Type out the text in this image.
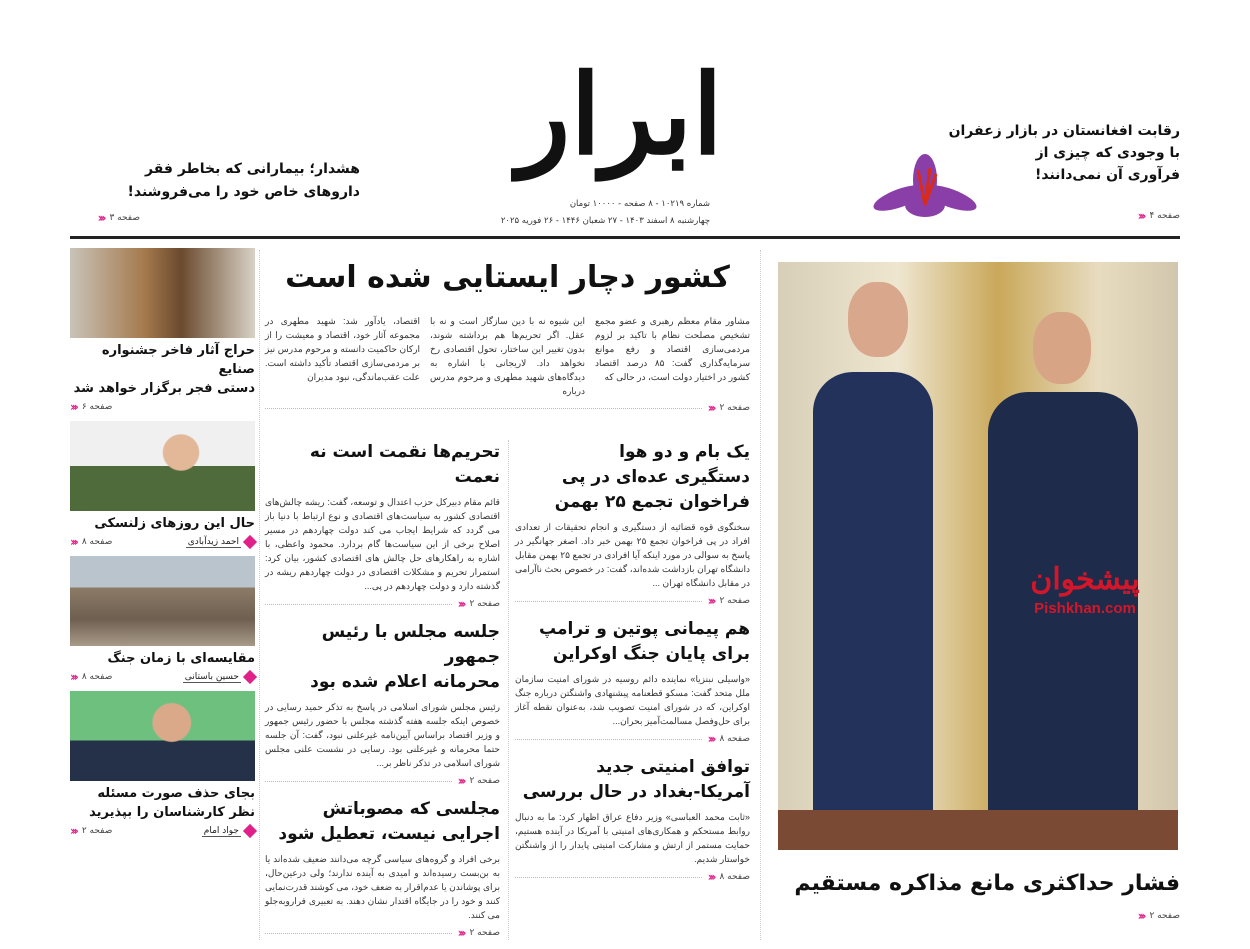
ابرار
شماره ۱۰۲۱۹ - ۸ صفحه - ۱۰۰۰۰ تومان
چهارشنبه ۸ اسفند ۱۴۰۳ - ۲۷ شعبان ۱۴۴۶ - ۲۶ فوریه ۲۰۲۵
رقابت افغانستان در بازار زعفران
با وجودی که چیزی از
فرآوری آن نمی‌دانند!
صفحه ۴
‹‹‹
هشدار؛ بیمارانی که بخاطر فقر
داروهای خاص خود را می‌فروشند!
صفحه ۳
‹‹‹
کشور دچار ایستایی شده است
مشاور مقام معظم رهبری و عضو مجمع تشخیص مصلحت نظام با تاکید بر لزوم مردمی‌سازی اقتصاد و رفع موانع سرمایه‌گذاری گفت: ۸۵ درصد اقتصاد کشور در اختیار دولت است، در حالی که
این شیوه نه با دین سازگار است و نه با عقل. اگر تحریم‌ها هم برداشته شوند، بدون تغییر این ساختار، تحول اقتصادی رخ نخواهد داد. لاریجانی با اشاره به دیدگاه‌های شهید مطهری و مرحوم مدرس درباره
اقتصاد، یادآور شد: شهید مطهری در مجموعه آثار خود، اقتصاد و معیشت را از ارکان حاکمیت دانسته و مرحوم مدرس نیز بر مردمی‌سازی اقتصاد تأکید داشته است. علت عقب‌ماندگی، نبود مدیران
صفحه ۲
‹‹‹
یک بام و دو هوا
دستگیری عده‌ای در پی
فراخوان تجمع ۲۵ بهمن
سخنگوی قوه قضائیه از دستگیری و انجام تحقیقات از تعدادی افراد در پی فراخوان تجمع ۲۵ بهمن خبر داد. اصغر جهانگیر در پاسخ به سوالی در مورد اینکه آیا افرادی در تجمع ۲۵ بهمن مقابل دانشگاه تهران بازداشت شده‌اند، گفت: در خصوص بحث ناآرامی در مقابل دانشگاه تهران ...
صفحه ۲
‹‹‹
هم پیمانی پوتین و ترامپ
برای پایان جنگ اوکراین
«واسیلی نبنزیا» نماینده دائم روسیه در شورای امنیت سازمان ملل متحد گفت: مسکو قطعنامه پیشنهادی واشنگتن درباره جنگ اوکراین، که در شورای امنیت تصویب شد، به‌عنوان نقطه آغاز برای حل‌وفصل مسالمت‌آمیز بحران...
صفحه ۸
‹‹‹
توافق امنیتی جدید
آمریکا-بغداد در حال بررسی
«ثابت محمد العباسی» وزیر دفاع عراق اظهار کرد: ما به دنبال روابط مستحکم و همکاری‌های امنیتی با آمریکا در آینده هستیم، حمایت مستمر از ارتش و مشارکت امنیتی پایدار را از واشنگتن خواستار شدیم.
صفحه ۸
‹‹‹
تحریم‌ها نقمت است نه نعمت
قائم مقام دبیرکل حزب اعتدال و توسعه، گفت: ریشه چالش‌های اقتصادی کشور به سیاست‌های اقتصادی و نوع ارتباط با دنیا باز می گردد که شرایط ایجاب می کند دولت چهاردهم در مسیر اصلاح برخی از این سیاست‌ها گام بردارد. محمود واعظی، با اشاره به راهکارهای حل چالش های اقتصادی کشور، بیان کرد: استمرار تحریم و مشکلات اقتصادی در دولت چهاردهم ریشه در گذشته دارد و دولت چهاردهم در پی...
صفحه ۲
‹‹‹
جلسه مجلس با رئیس جمهور
محرمانه اعلام شده بود
رئیس مجلس شورای اسلامی در پاسخ به تذکر حمید رسایی در خصوص اینکه جلسه هفته گذشته مجلس با حضور رئیس جمهور و وزیر اقتصاد براساس آیین‌نامه غیرعلنی نبود، گفت: آن جلسه حتما محرمانه و غیرعلنی بود. رسایی در نشست علنی مجلس شورای اسلامی در تذکر ناظر بر...
صفحه ۲
‹‹‹
مجلسی که مصوباتش
اجرایی نیست، تعطیل شود
برخی افراد و گروه‌های سیاسی گرچه می‌دانند ضعیف شده‌اند یا به بن‌بست رسیده‌اند و امیدی به آینده ندارند؛ ولی درعین‌حال، برای پوشاندن یا عدم‌اقرار به ضعف خود، می کوشند قدرت‌نمایی کنند و خود را در جایگاه اقتدار نشان دهند. به تعبیری فرارو‌به‌جلو می کنند.
صفحه ۲
‹‹‹
حراج آثار فاخر جشنواره صنایع
دستی فجر برگزار خواهد شد
صفحه ۶
‹‹‹
حال این روزهای زلنسکی
صفحه ۸
‹‹‹	احمد زیدآبادی
مقایسه‌ای با زمان جنگ
صفحه ۸
‹‹‹	حسین باستانی
بجای حذف صورت مسئله
نظر کارشناسان را بپذیرید
صفحه ۲
‹‹‹	جواد امام
پیشخوان
Pishkhan.com
فشار حداکثری مانع مذاکره مستقیم
صفحه ۲
‹‹‹
